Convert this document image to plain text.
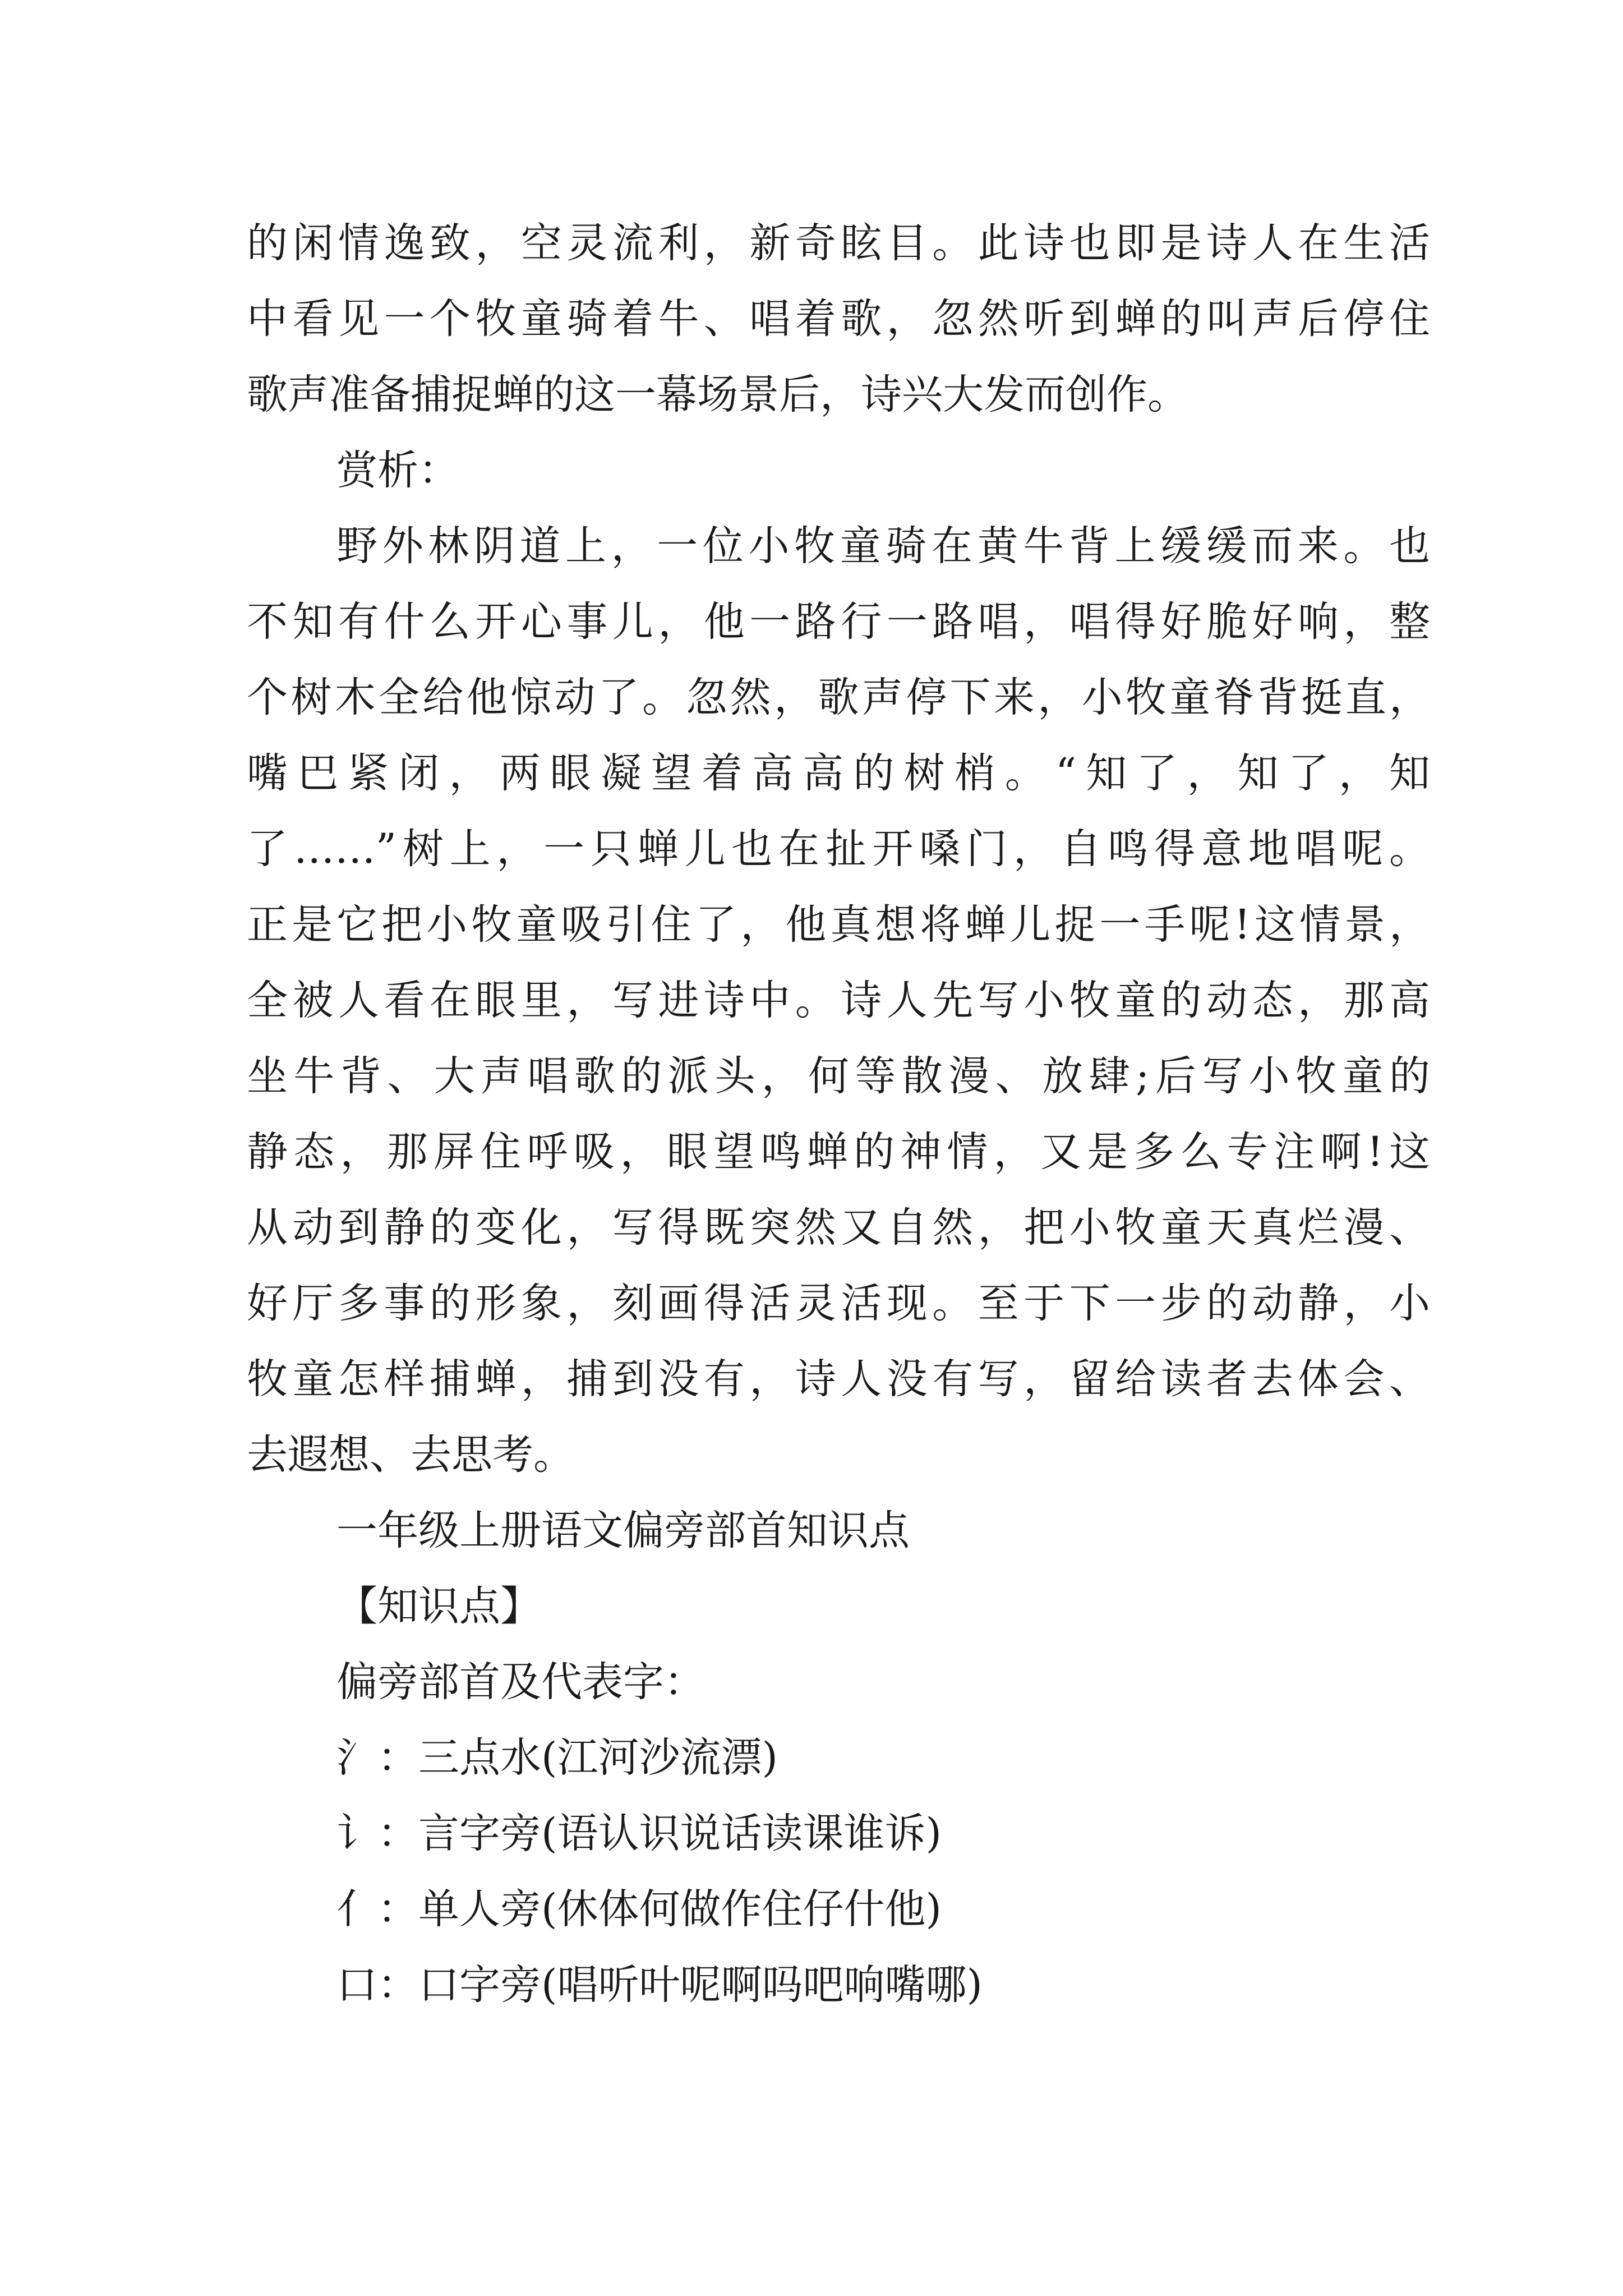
的闲情逸致，空灵流利，新奇眩目。此诗也即是诗人在生活
中看见一个牧童骑着牛、唱着歌，忽然听到蝉的叫声后停住
歌声准备捕捉蝉的这一幕场景后，诗兴大发而创作。
赏析：
野外林阴道上，一位小牧童骑在黄牛背上缓缓而来。也
不知有什么开心事儿，他一路行一路唱，唱得好脆好响，整
个树木全给他惊动了。忽然，歌声停下来，小牧童脊背挺直，
嘴巴紧闭，两眼凝望着高高的树梢。“知了，知了，知
了……”树上，一只蝉儿也在扯开嗓门，自鸣得意地唱呢。
正是它把小牧童吸引住了，他真想将蝉儿捉一手呢!这情景，
全被人看在眼里，写进诗中。诗人先写小牧童的动态，那高
坐牛背、大声唱歌的派头，何等散漫、放肆;后写小牧童的
静态，那屏住呼吸，眼望鸣蝉的神情，又是多么专注啊!这
从动到静的变化，写得既突然又自然，把小牧童天真烂漫、
好厅多事的形象，刻画得活灵活现。至于下一步的动静，小
牧童怎样捕蝉，捕到没有，诗人没有写，留给读者去体会、
去遐想、去思考。
一年级上册语文偏旁部首知识点
【知识点】
偏旁部首及代表字：
氵：三点水(江河沙流漂)
讠：言字旁(语认识说话读课谁诉)
亻：单人旁(休体何做作住仔什他)
口：口字旁(唱听叶呢啊吗吧响嘴哪)
